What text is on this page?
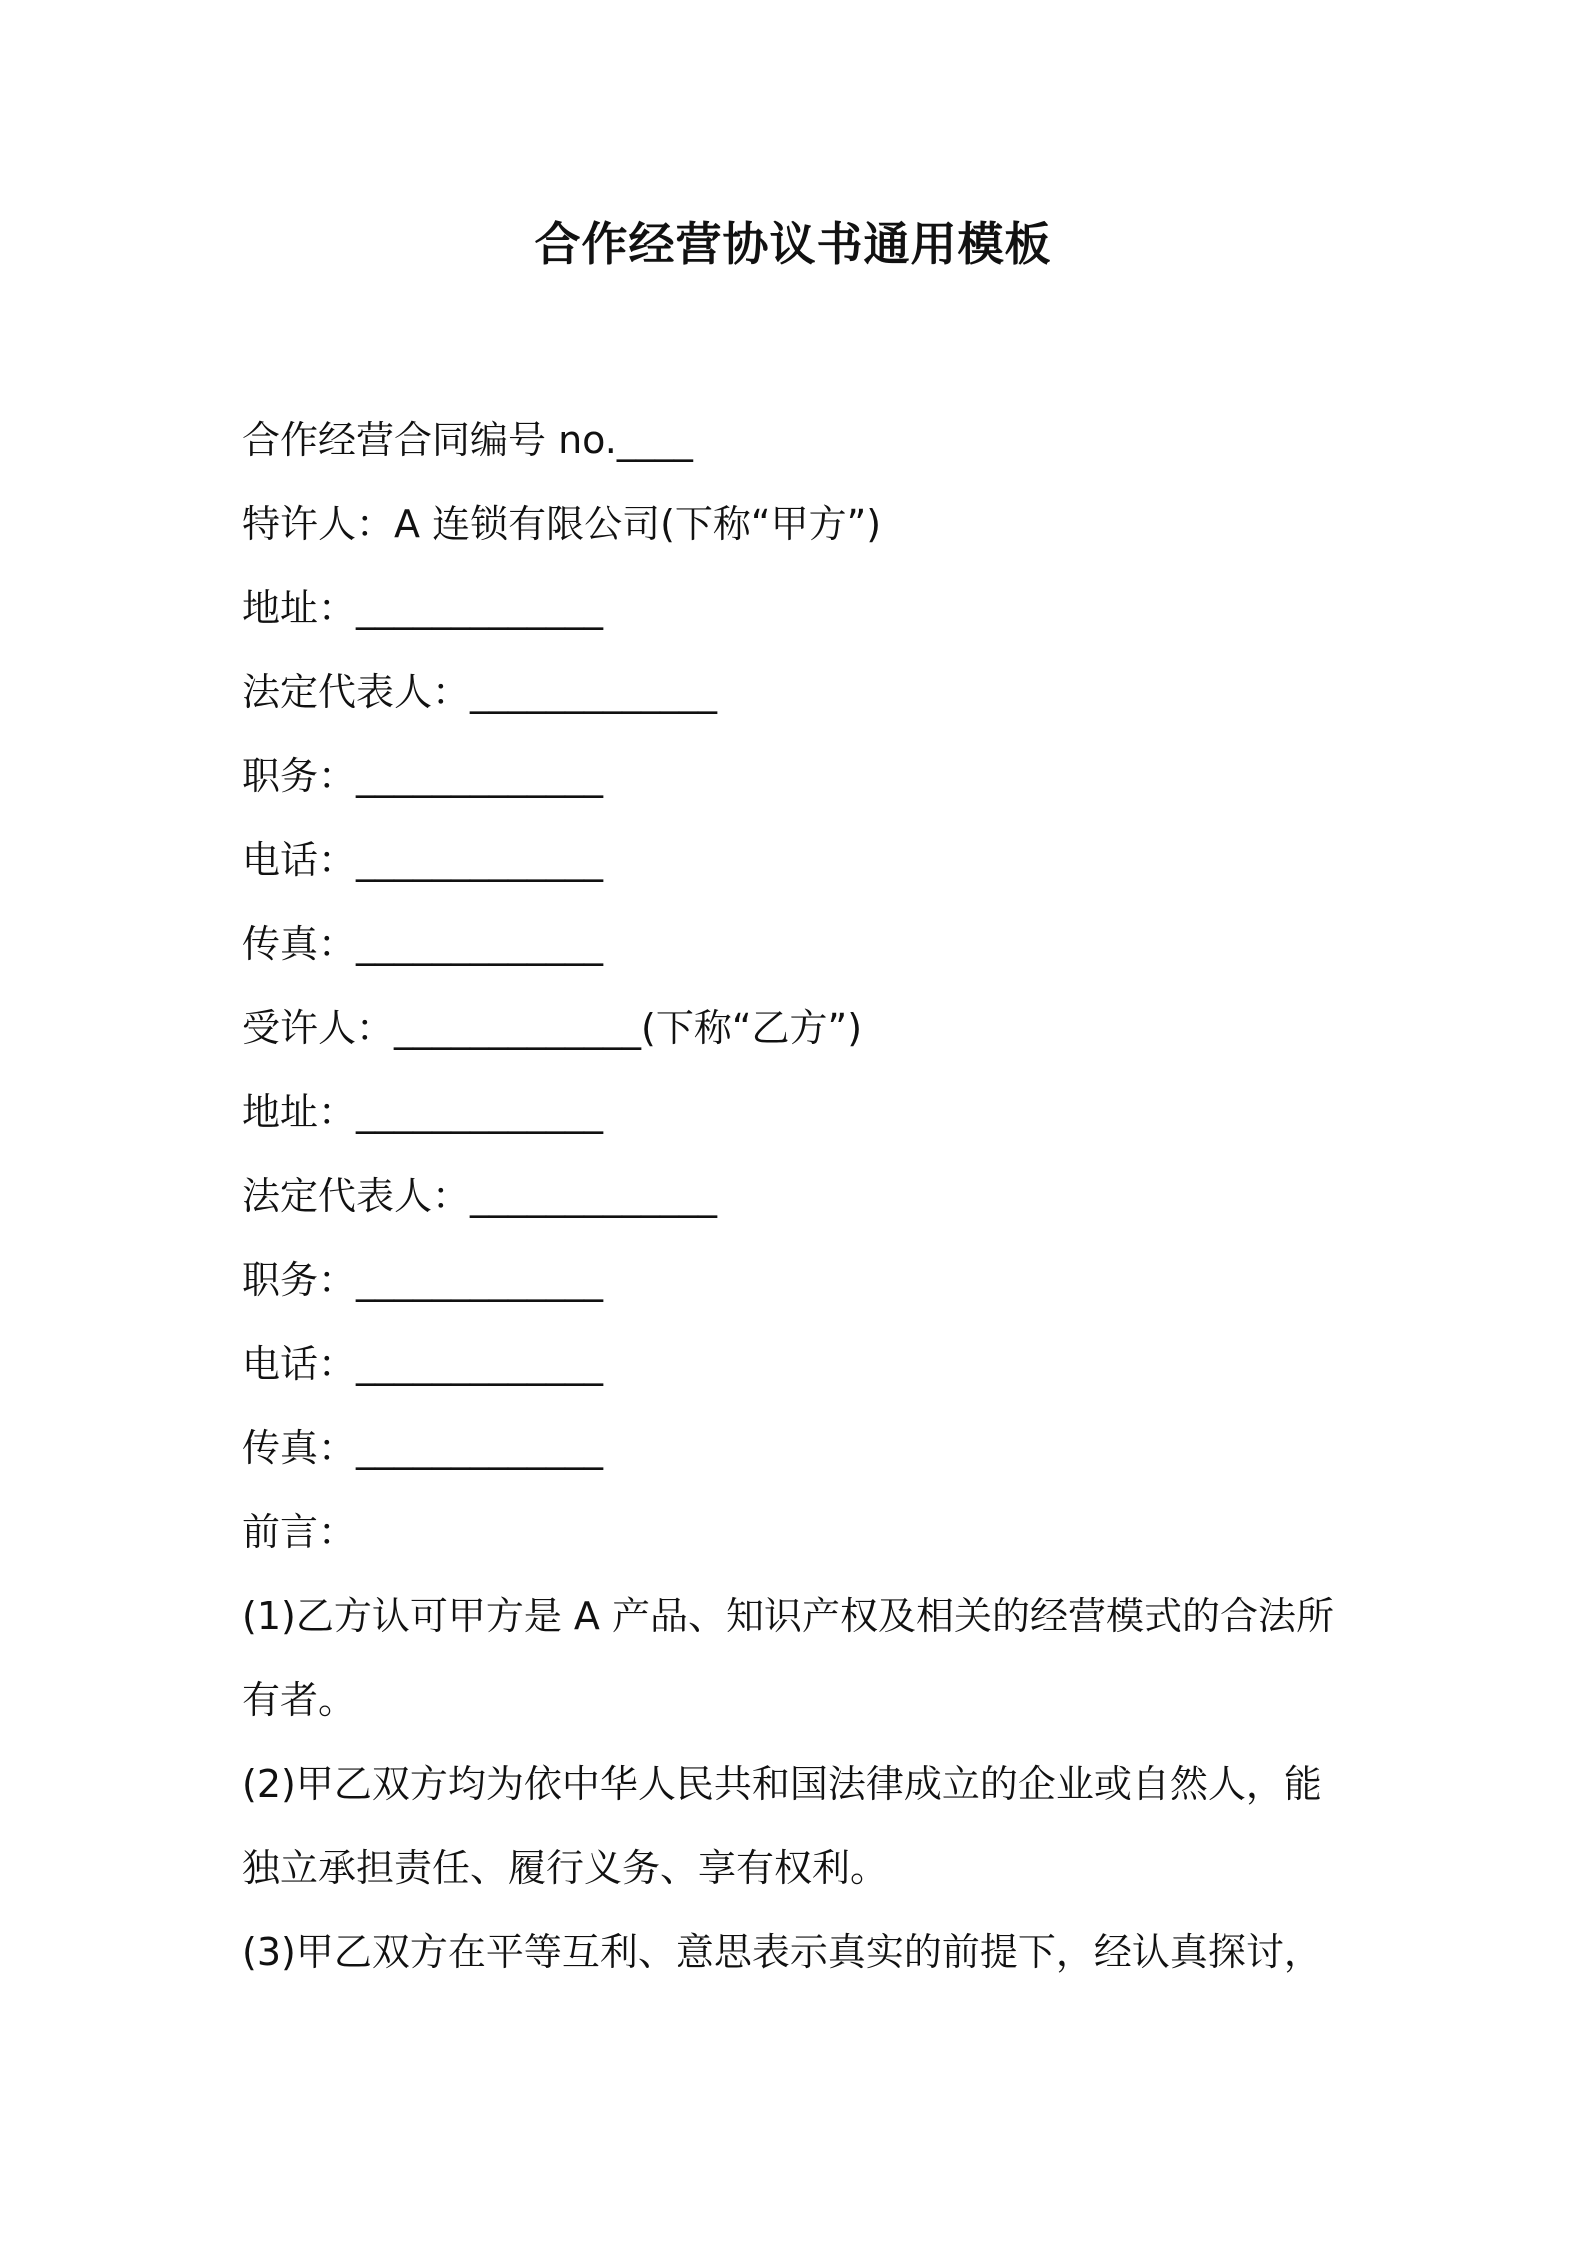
合作经营协议书通用模板
合作经营合同编号 no.____
特许人：A 连锁有限公司(下称“甲方”)
地址：_____________
法定代表人：_____________
职务：_____________
电话：_____________
传真：_____________
受许人：_____________(下称“乙方”)
地址：_____________
法定代表人：_____________
职务：_____________
电话：_____________
传真：_____________
前言：
(1)乙方认可甲方是 A 产品、知识产权及相关的经营模式的合法所有者。
(2)甲乙双方均为依中华人民共和国法律成立的企业或自然人，能独立承担责任、履行义务、享有权利。
(3)甲乙双方在平等互利、意思表示真实的前提下，经认真探讨，
